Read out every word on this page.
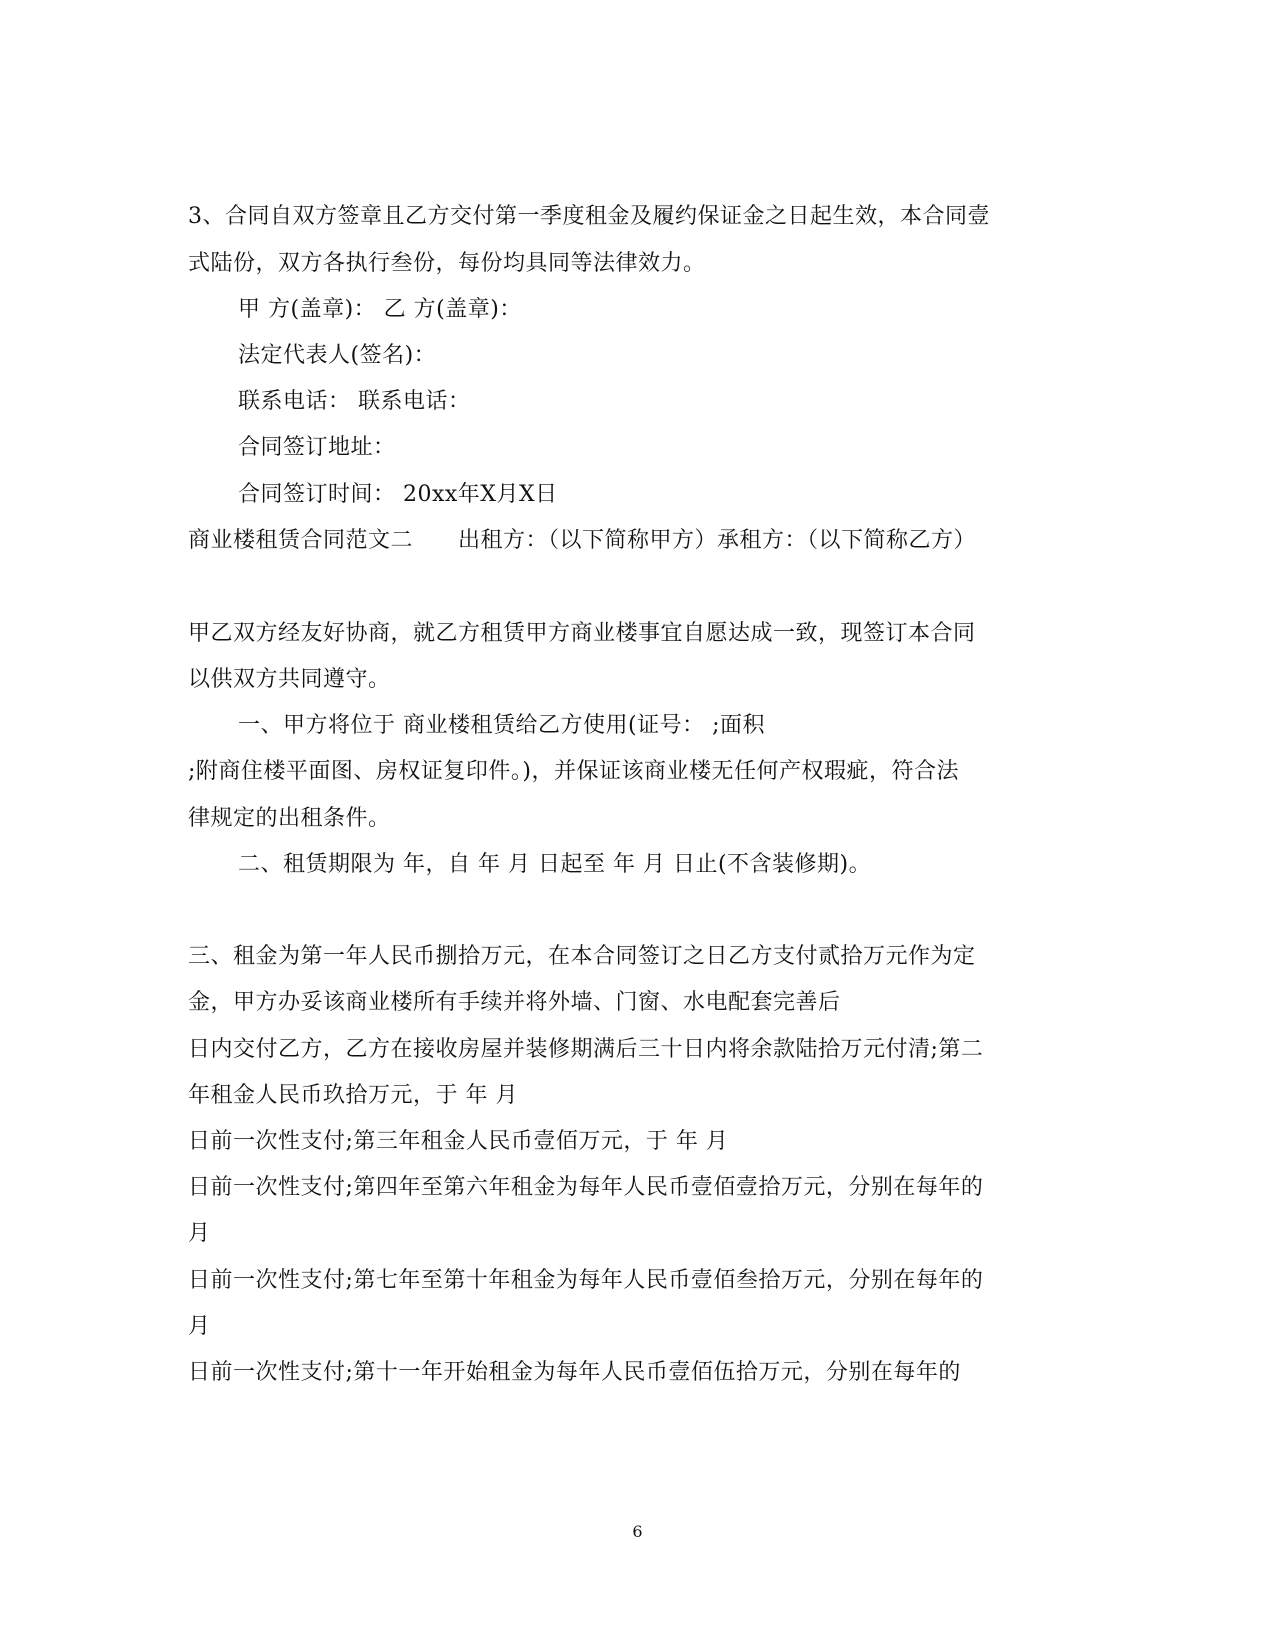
3、合同自双方签章且乙方交付第一季度租金及履约保证金之日起生效，本合同壹
式陆份，双方各执行叁份，每份均具同等法律效力。
甲 方(盖章)： 乙 方(盖章)：
法定代表人(签名)：
联系电话： 联系电话：
合同签订地址：
合同签订时间： 20xx年X月X日
商业楼租赁合同范文二　　出租方：（以下简称甲方）承租方：（以下简称乙方）
甲乙双方经友好协商，就乙方租赁甲方商业楼事宜自愿达成一致，现签订本合同
以供双方共同遵守。
一、甲方将位于 商业楼租赁给乙方使用(证号： ;面积
;附商住楼平面图、房权证复印件。)，并保证该商业楼无任何产权瑕疵，符合法
律规定的出租条件。
二、租赁期限为 年，自 年 月 日起至 年 月 日止(不含装修期)。
三、租金为第一年人民币捌拾万元，在本合同签订之日乙方支付贰拾万元作为定
金，甲方办妥该商业楼所有手续并将外墙、门窗、水电配套完善后
日内交付乙方，乙方在接收房屋并装修期满后三十日内将余款陆拾万元付清;第二
年租金人民币玖拾万元，于 年 月
日前一次性支付;第三年租金人民币壹佰万元，于 年 月
日前一次性支付;第四年至第六年租金为每年人民币壹佰壹拾万元，分别在每年的
月
日前一次性支付;第七年至第十年租金为每年人民币壹佰叁拾万元，分别在每年的
月
日前一次性支付;第十一年开始租金为每年人民币壹佰伍拾万元，分别在每年的
6
